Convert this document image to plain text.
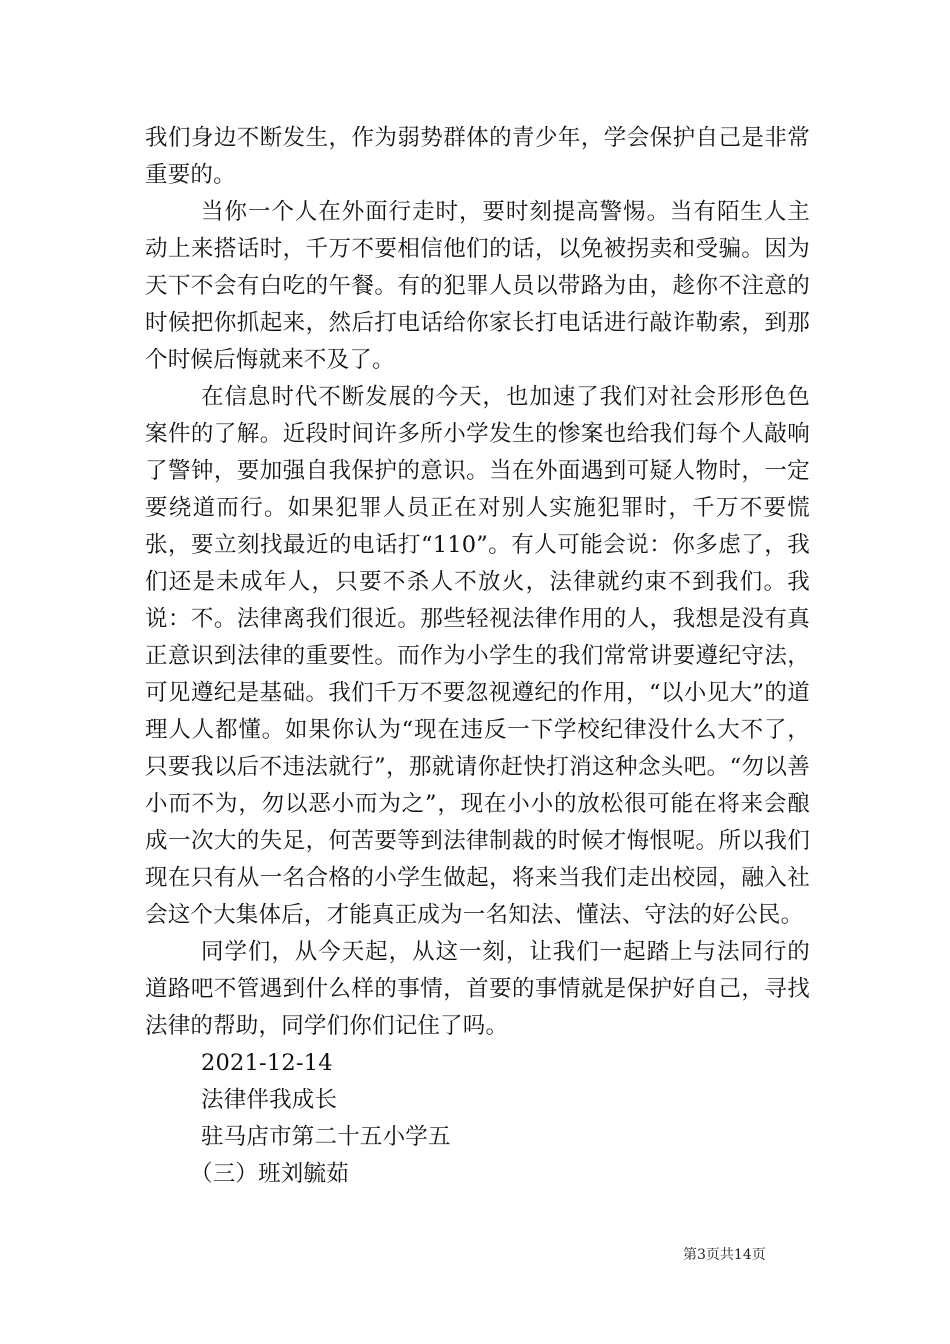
我们身边不断发生，作为弱势群体的青少年，学会保护自己是非常重要的。

当你一个人在外面行走时，要时刻提高警惕。当有陌生人主动上来搭话时，千万不要相信他们的话，以免被拐卖和受骗。因为天下不会有白吃的午餐。有的犯罪人员以带路为由，趁你不注意的时候把你抓起来，然后打电话给你家长打电话进行敲诈勒索，到那个时候后悔就来不及了。

在信息时代不断发展的今天，也加速了我们对社会形形色色案件的了解。近段时间许多所小学发生的惨案也给我们每个人敲响了警钟，要加强自我保护的意识。当在外面遇到可疑人物时，一定要绕道而行。如果犯罪人员正在对别人实施犯罪时，千万不要慌张，要立刻找最近的电话打“110”。有人可能会说：你多虑了，我们还是未成年人，只要不杀人不放火，法律就约束不到我们。我说：不。法律离我们很近。那些轻视法律作用的人，我想是没有真正意识到法律的重要性。而作为小学生的我们常常讲要遵纪守法，可见遵纪是基础。我们千万不要忽视遵纪的作用，“以小见大”的道理人人都懂。如果你认为“现在违反一下学校纪律没什么大不了，只要我以后不违法就行”，那就请你赶快打消这种念头吧。“勿以善小而不为，勿以恶小而为之”，现在小小的放松很可能在将来会酿成一次大的失足，何苦要等到法律制裁的时候才悔恨呢。所以我们现在只有从一名合格的小学生做起，将来当我们走出校园，融入社会这个大集体后，才能真正成为一名知法、懂法、守法的好公民。

同学们，从今天起，从这一刻，让我们一起踏上与法同行的道路吧不管遇到什么样的事情，首要的事情就是保护好自己，寻找法律的帮助，同学们你们记住了吗。

2021-12-14

法律伴我成长

驻马店市第二十五小学五

（三）班刘毓茹

第3页共14页
